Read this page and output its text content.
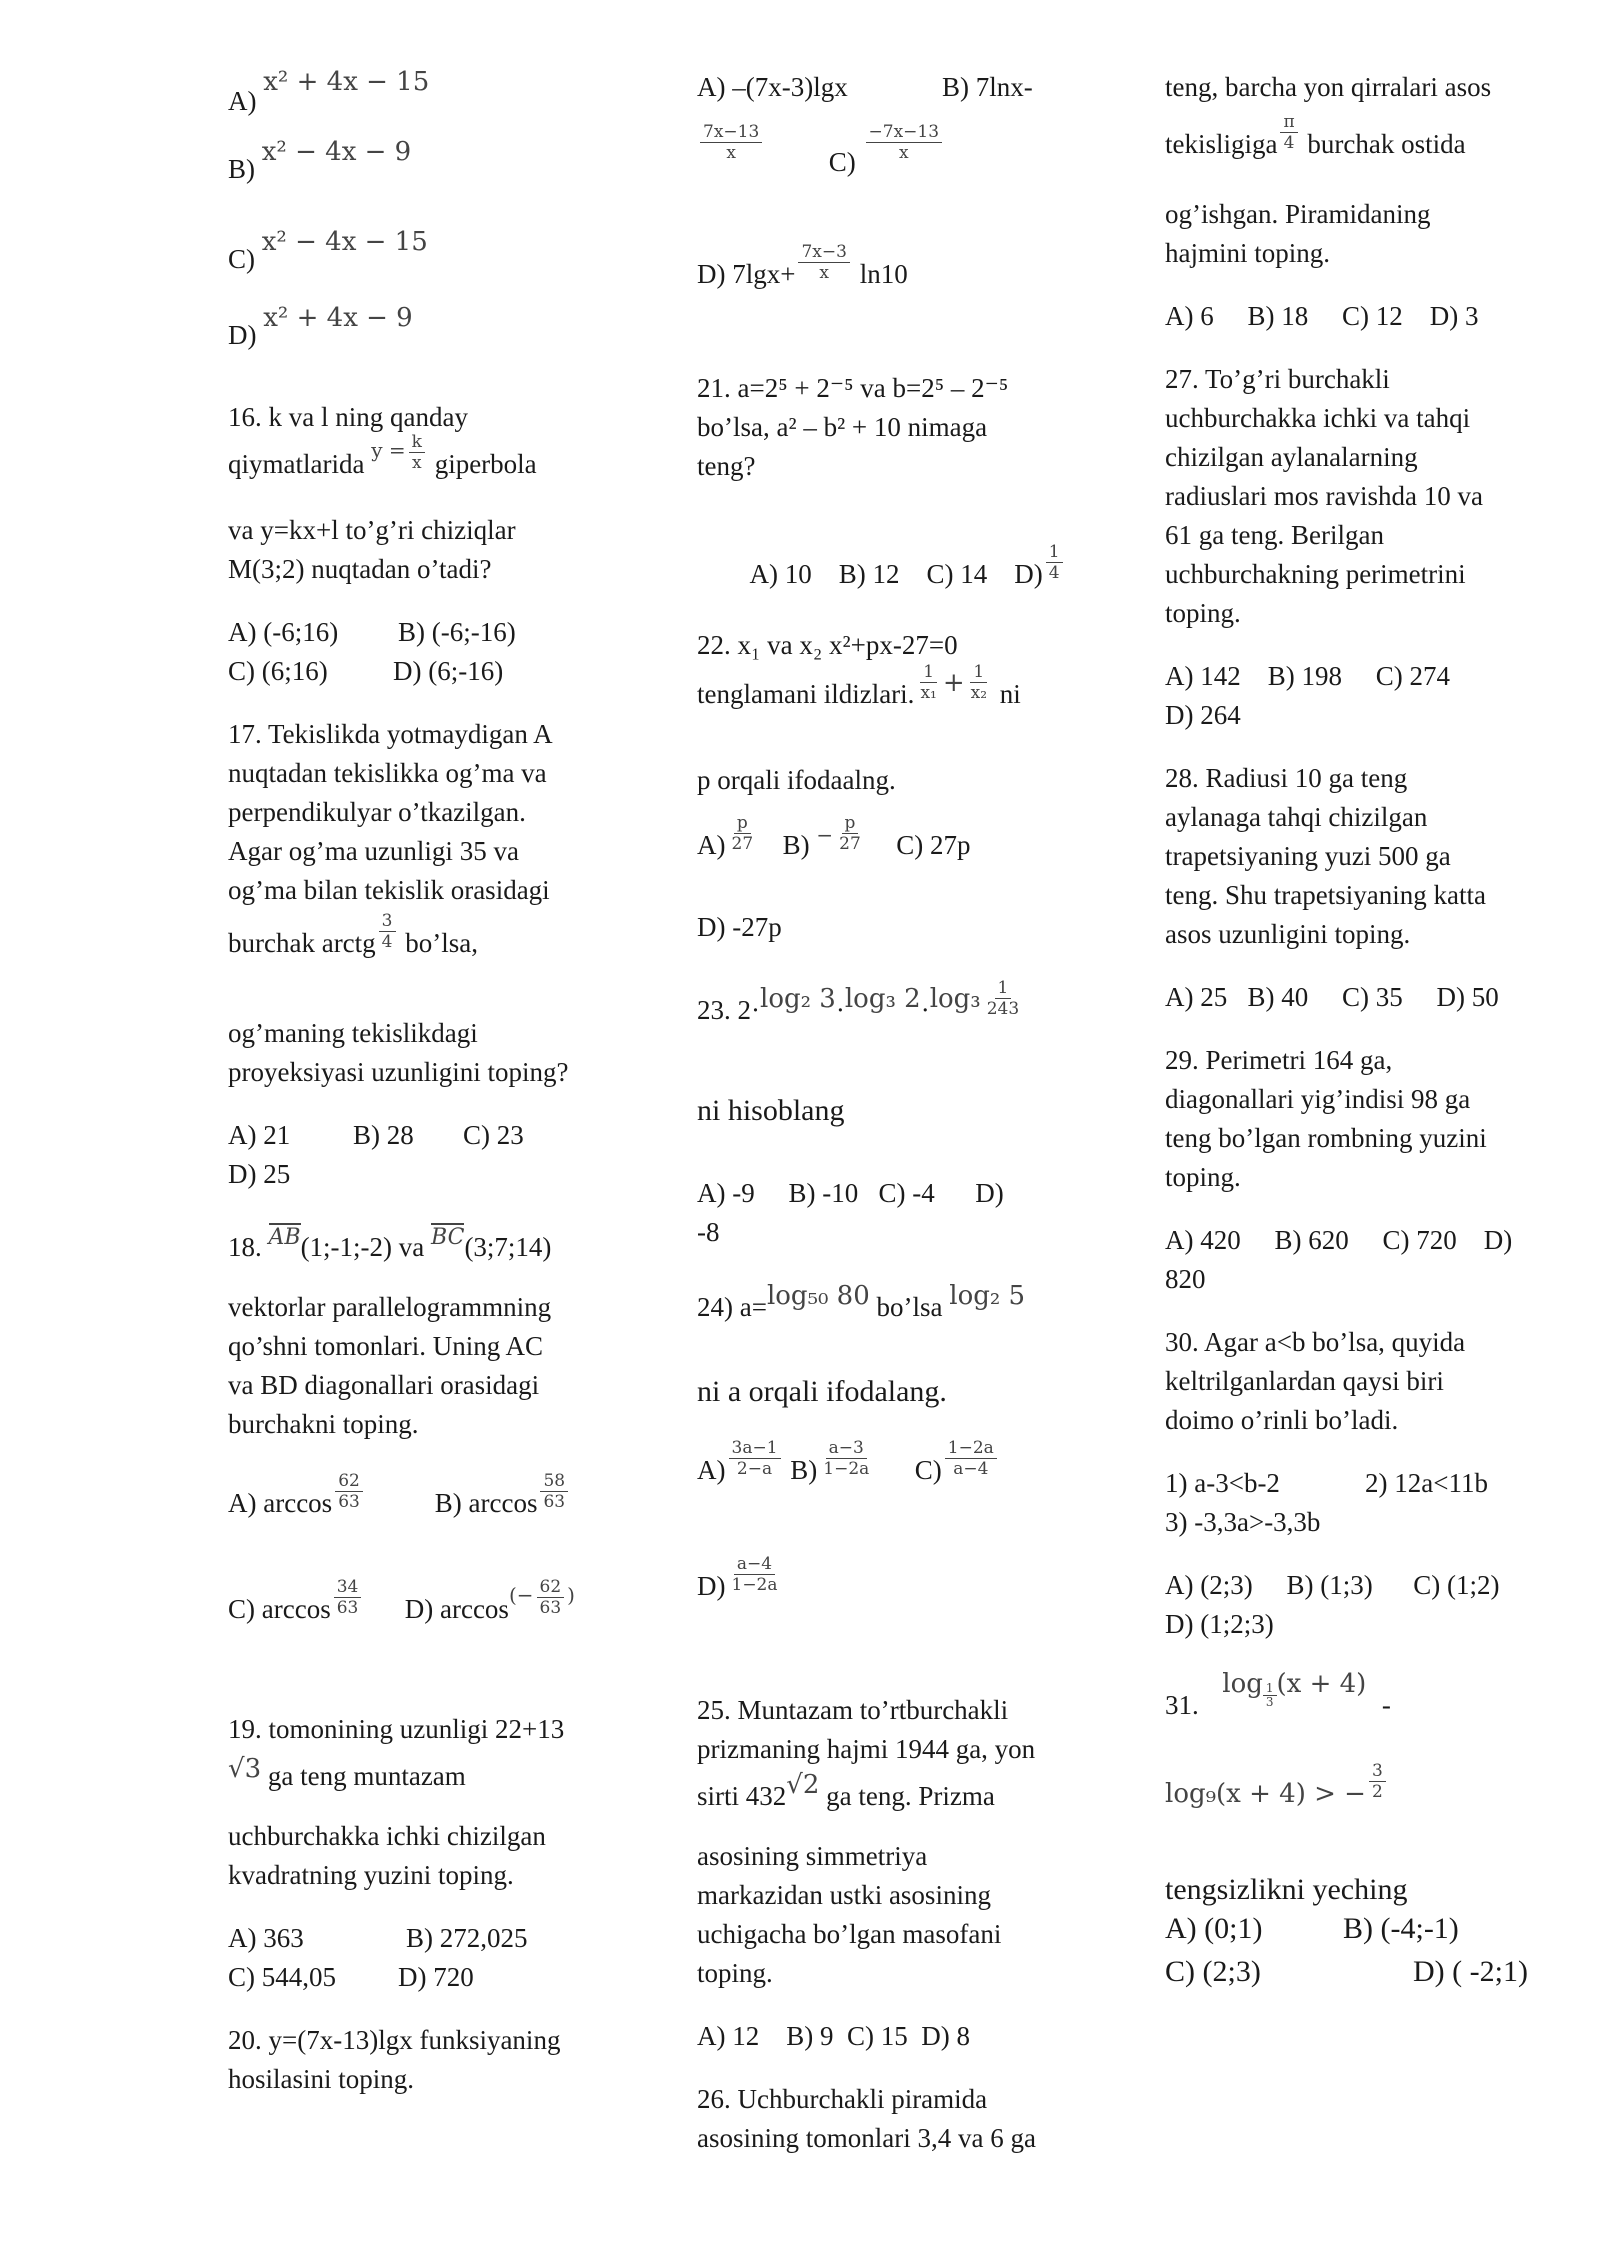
A) x² + 4x − 15
B) x² − 4x − 9
C) x² − 4x − 15
D) x² + 4x − 9
16. k va l ning qanday
qiymatlarida $^{y =} \frac{k}{x}$ giperbola
va y=kx+l to’g’ri chiziqlar
M(3;2) nuqtadan o’tadi?
A) (-6;16) B) (-6;-16)
C) (6;16) D) (6;-16)
17. Tekislikda yotmaydigan A
nuqtadan tekislikka og’ma va
perpendikulyar o’tkazilgan.
Agar og’ma uzunligi 35 va
og’ma bilan tekislik orasidagi
burchak arctg $\frac{3}{4}$ bo’lsa,
og’maning tekislikdagi
proyeksiyasi uzunligini toping?
A) 21 B) 28 C) 23
D) 25
18. $^{AB}$(1;-1;-2) va $^{BC}$(3;7;14)
vektorlar parallelogrammning
qo’shni tomonlari. Uning AC
va BD diagonallari orasidagi
burchakni toping.
A) $\arccos \frac{62}{63}$	B) $\arccos \frac{58}{63}$
C) $\arccos \frac{34}{63} D$) $\arccos^{(-} \frac{62}{63} ^)$
19. tomonining uzunligi 22+13
√3 ga teng muntazam
uchburchakka ichki chizilgan
kvadratning yuzini toping.
A) 363	B) 272,025
C) 544,05 D) 720
20. y=(7x-13)lgx funksiyaning
hosilasini toping.
A) –(7x-3)lgx	B) 7lnx-
$\frac{7x-13}{x} C) \frac{-7x-13}{x}$
D) $7\lg x+ \frac{7x-3}{x} \ln 10$
21. a=2⁵ + 2⁻⁵ va b=2⁵ – 2⁻⁵
bo’lsa, a² – b² + 10 nimaga
teng?

A) 10    B) 12    C) 14    $D) \frac{1}{4}$

22. x₁ va x₂ x²+px-27=0
tenglamani ildizlari. $\frac{1}{\text{x₁}} + \frac{1}{\text{x₂}}$ ni
p orqali ifodaalng.
$A) \frac{p}{27} B$) $^- \frac{p}{27} C$) 27p
D) -27p
23. 2·log₂ 3·log₃ $2\cdot\log_3 \frac{1}{243}$
ni hisoblang
A) -9     B) -10   C) -4      D)
-8
24) a=log₅₀ 80 bo’lsa log₂ 5
ni a orqali ifodalang.
$A) \frac{3a-1}{2-a} B) \frac{a-3}{1-2a} C) \frac{1-2a}{a-4}$
$D) \frac{a-4}{1-2a}$
25. Muntazam to’rtburchakli
prizmaning hajmi 1944 ga, yon
sirti 432√2 ga teng. Prizma
asosining simmetriya
markazidan ustki asosining
uchigacha bo’lgan masofani
toping.
A) 12    B) 9  C) 15  D) 8
26. Uchburchakli piramida
asosining tomonlari 3,4 va 6 ga
teng, barcha yon qirralari asos
tekisligiga $\frac{\pi}{4}$ burchak ostida
og’ishgan. Piramidaning
hajmini toping.
A) 6     B) 18     C) 12    D) 3
27. To’g’ri burchakli
uchburchakka ichki va tahqi
chizilgan aylanalarning
radiuslari mos ravishda 10 va
61 ga teng. Berilgan
uchburchakning perimetrini
toping.
A) 142    B) 198     C) 274
D) 264
28. Radiusi 10 ga teng
aylanaga tahqi chizilgan
trapetsiyaning yuzi 500 ga
teng. Shu trapetsiyaning katta
asos uzunligini toping.
A) 25   B) 40     C) 35     D) 50
29. Perimetri 164 ga,
diagonallari yig’indisi 98 ga
teng bo’lgan rombning yuzini
toping.
A) 420     B) 620     C) 720    D)
820
30. Agar a<b bo’lsa, quyida
keltrilganlardan qaysi biri
doimo o’rinli bo’ladi.
1) a-3<b-2	2) 12a<11b
3) -3,3a>-3,3b
A) (2;3)     B) (1;3)      C) (1;2)
D) (1;2;3)
31.  $\log \frac{1}{3} (x + 4)$  -
log₉(x + 4) > − $\frac{3}{2}$
tengsizlikni yeching
A) (0;1)	B) (-4;-1)
C) (2;3)	D) ( -2;1)
